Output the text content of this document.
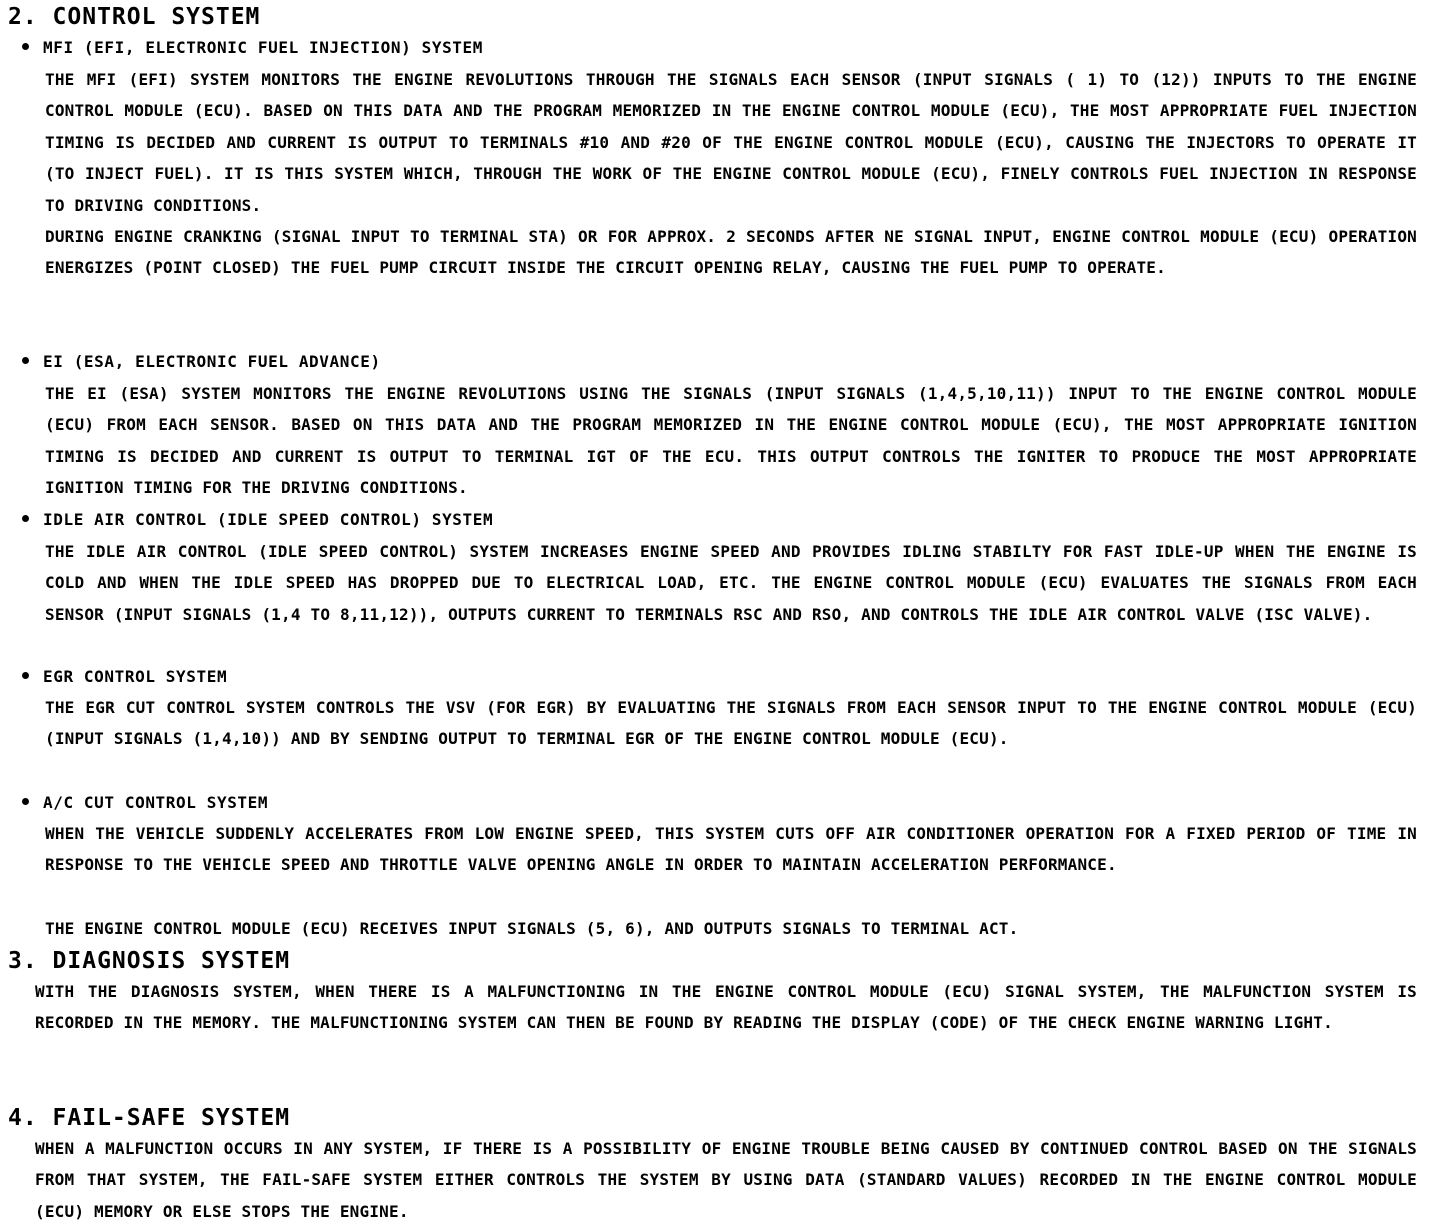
2. CONTROL SYSTEM
MFI (EFI, ELECTRONIC FUEL INJECTION) SYSTEM
THE MFI (EFI) SYSTEM MONITORS THE ENGINE REVOLUTIONS THROUGH THE SIGNALS EACH SENSOR (INPUT SIGNALS ( 1) TO (12)) INPUTS TO THE ENGINE CONTROL MODULE (ECU). BASED ON THIS DATA AND THE PROGRAM MEMORIZED IN THE ENGINE CONTROL MODULE (ECU), THE MOST APPROPRIATE FUEL INJECTION TIMING IS DECIDED AND CURRENT IS OUTPUT TO TERMINALS #10 AND #20 OF THE ENGINE CONTROL MODULE (ECU), CAUSING THE INJECTORS TO OPERATE IT (TO INJECT FUEL). IT IS THIS SYSTEM WHICH, THROUGH THE WORK OF THE ENGINE CONTROL MODULE (ECU), FINELY CONTROLS FUEL INJECTION IN RESPONSE TO DRIVING CONDITIONS.
DURING ENGINE CRANKING (SIGNAL INPUT TO TERMINAL STA) OR FOR APPROX. 2 SECONDS AFTER NE SIGNAL INPUT, ENGINE CONTROL MODULE (ECU) OPERATION ENERGIZES (POINT CLOSED) THE FUEL PUMP CIRCUIT INSIDE THE CIRCUIT OPENING RELAY, CAUSING THE FUEL PUMP TO OPERATE.
EI (ESA, ELECTRONIC FUEL ADVANCE)
THE EI (ESA) SYSTEM MONITORS THE ENGINE REVOLUTIONS USING THE SIGNALS (INPUT SIGNALS (1,4,5,10,11)) INPUT TO THE ENGINE CONTROL MODULE (ECU) FROM EACH SENSOR. BASED ON THIS DATA AND THE PROGRAM MEMORIZED IN THE ENGINE CONTROL MODULE (ECU), THE MOST APPROPRIATE IGNITION TIMING IS DECIDED AND CURRENT IS OUTPUT TO TERMINAL IGT OF THE ECU. THIS OUTPUT CONTROLS THE IGNITER TO PRODUCE THE MOST APPROPRIATE IGNITION TIMING FOR THE DRIVING CONDITIONS.
IDLE AIR CONTROL (IDLE SPEED CONTROL) SYSTEM
THE IDLE AIR CONTROL (IDLE SPEED CONTROL) SYSTEM INCREASES ENGINE SPEED AND PROVIDES IDLING STABILTY FOR FAST IDLE-UP WHEN THE ENGINE IS COLD AND WHEN THE IDLE SPEED HAS DROPPED DUE TO ELECTRICAL LOAD, ETC. THE ENGINE CONTROL MODULE (ECU) EVALUATES THE SIGNALS FROM EACH SENSOR (INPUT SIGNALS (1,4 TO 8,11,12)), OUTPUTS CURRENT TO TERMINALS RSC AND RSO, AND CONTROLS THE IDLE AIR CONTROL VALVE (ISC VALVE).
EGR CONTROL SYSTEM
THE EGR CUT CONTROL SYSTEM CONTROLS THE VSV (FOR EGR) BY EVALUATING THE SIGNALS FROM EACH SENSOR INPUT TO THE ENGINE CONTROL MODULE (ECU) (INPUT SIGNALS (1,4,10)) AND BY SENDING OUTPUT TO TERMINAL EGR OF THE ENGINE CONTROL MODULE (ECU).
A/C CUT CONTROL SYSTEM
WHEN THE VEHICLE SUDDENLY ACCELERATES FROM LOW ENGINE SPEED, THIS SYSTEM CUTS OFF AIR CONDITIONER OPERATION FOR A FIXED PERIOD OF TIME IN RESPONSE TO THE VEHICLE SPEED AND THROTTLE VALVE OPENING ANGLE IN ORDER TO MAINTAIN ACCELERATION PERFORMANCE.
THE ENGINE CONTROL MODULE (ECU) RECEIVES INPUT SIGNALS (5, 6), AND OUTPUTS SIGNALS TO TERMINAL ACT.
3. DIAGNOSIS SYSTEM
WITH THE DIAGNOSIS SYSTEM, WHEN THERE IS A MALFUNCTIONING IN THE ENGINE CONTROL MODULE (ECU) SIGNAL SYSTEM, THE MALFUNCTION SYSTEM IS RECORDED IN THE MEMORY. THE MALFUNCTIONING SYSTEM CAN THEN BE FOUND BY READING THE DISPLAY (CODE) OF THE CHECK ENGINE WARNING LIGHT.
4. FAIL-SAFE SYSTEM
WHEN A MALFUNCTION OCCURS IN ANY SYSTEM, IF THERE IS A POSSIBILITY OF ENGINE TROUBLE BEING CAUSED BY CONTINUED CONTROL BASED ON THE SIGNALS FROM THAT SYSTEM, THE FAIL-SAFE SYSTEM EITHER CONTROLS THE SYSTEM BY USING DATA (STANDARD VALUES) RECORDED IN THE ENGINE CONTROL MODULE (ECU) MEMORY OR ELSE STOPS THE ENGINE.
